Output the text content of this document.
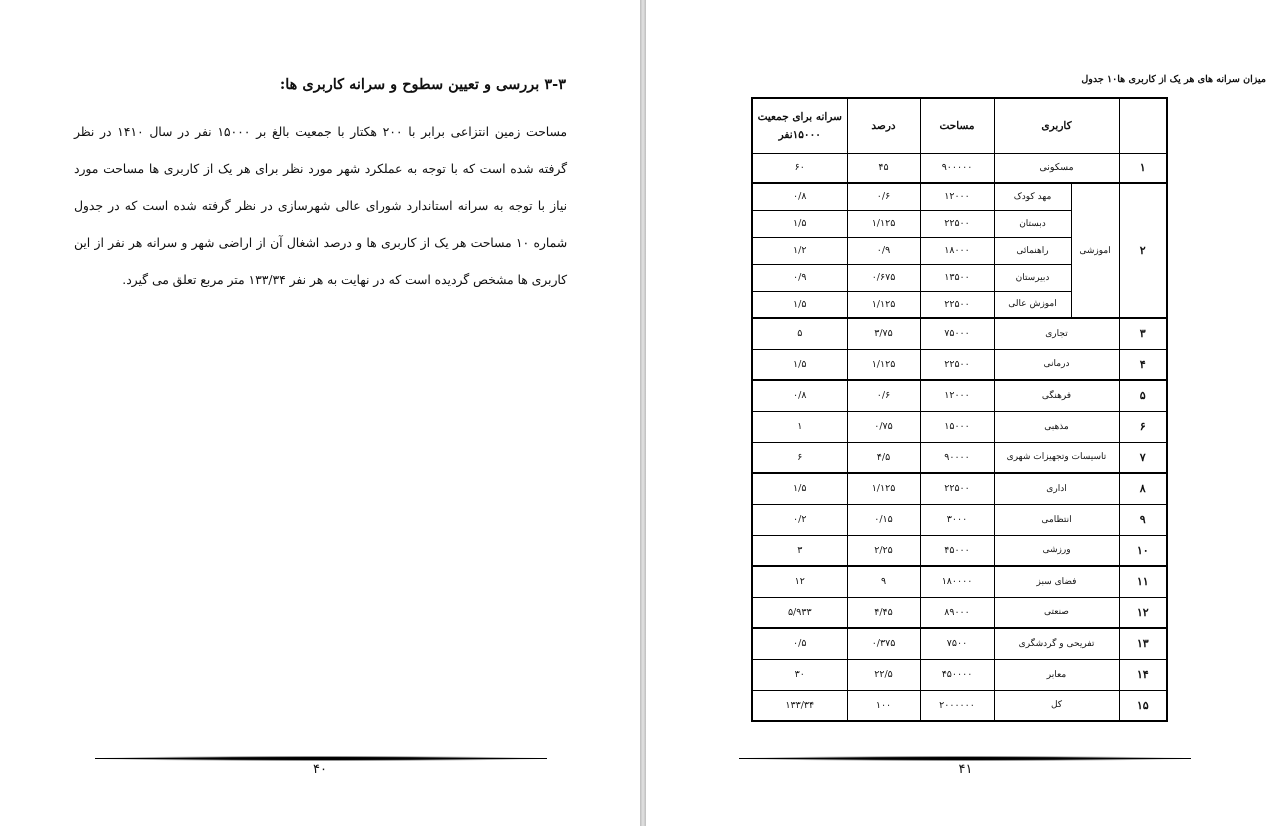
۳-۳ بررسی و تعیین سطوح و سرانه کاربری ها:

مساحت زمین انتزاعی برابر با ۲۰۰ هکتار با جمعیت بالغ بر ۱۵۰۰۰ نفر در سال ۱۴۱۰ در نظر گرفته شده است که با توجه به عملکرد شهر مورد نظر برای هر یک از کاربری ها مساحت مورد نیاز با توجه به سرانه استاندارد شورای عالی شهرسازی در نظر گرفته شده است که در جدول شماره ۱۰ مساحت هر یک از کاربری ها و درصد اشغال آن از اراضی شهر و سرانه هر نفر از این کاربری ها مشخص گردیده است که در نهایت به هر نفر ۱۳۳/۳۴ متر مربع تعلق می گیرد.

۴۰
میزان سرانه های هر یک از کاربری ها۱۰ جدول
	کاربری		مساحت	درصد	سرانه برای جمعیت ۱۵۰۰۰نفر
۱	مسکونی		۹۰۰۰۰۰	۴۵	۶۰
۲	اموزشی	مهد کودک	۱۲۰۰۰	۰/۶	۰/۸
		دبستان	۲۲۵۰۰	۱/۱۲۵	۱/۵
		راهنمائی	۱۸۰۰۰	۰/۹	۱/۲
		دبیرستان	۱۳۵۰۰	۰/۶۷۵	۰/۹
		اموزش عالی	۲۲۵۰۰	۱/۱۲۵	۱/۵
۳	تجاری		۷۵۰۰۰	۳/۷۵	۵
۴	درمانی		۲۲۵۰۰	۱/۱۲۵	۱/۵
۵	فرهنگی		۱۲۰۰۰	۰/۶	۰/۸
۶	مذهبی		۱۵۰۰۰	۰/۷۵	۱
۷	تاسیسات وتجهیزات شهری		۹۰۰۰۰	۴/۵	۶
۸	اداری		۲۲۵۰۰	۱/۱۲۵	۱/۵
۹	انتظامی		۳۰۰۰	۰/۱۵	۰/۲
۱۰	ورزشی		۴۵۰۰۰	۲/۲۵	۳
۱۱	فضای سبز		۱۸۰۰۰۰	۹	۱۲
۱۲	صنعتی		۸۹۰۰۰	۴/۴۵	۵/۹۳۳
۱۳	تفریحی و گردشگری		۷۵۰۰	۰/۳۷۵	۰/۵
۱۴	معابر		۴۵۰۰۰۰	۲۲/۵	۳۰
۱۵	کل		۲۰۰۰۰۰۰	۱۰۰	۱۳۳/۳۴
۴۱
